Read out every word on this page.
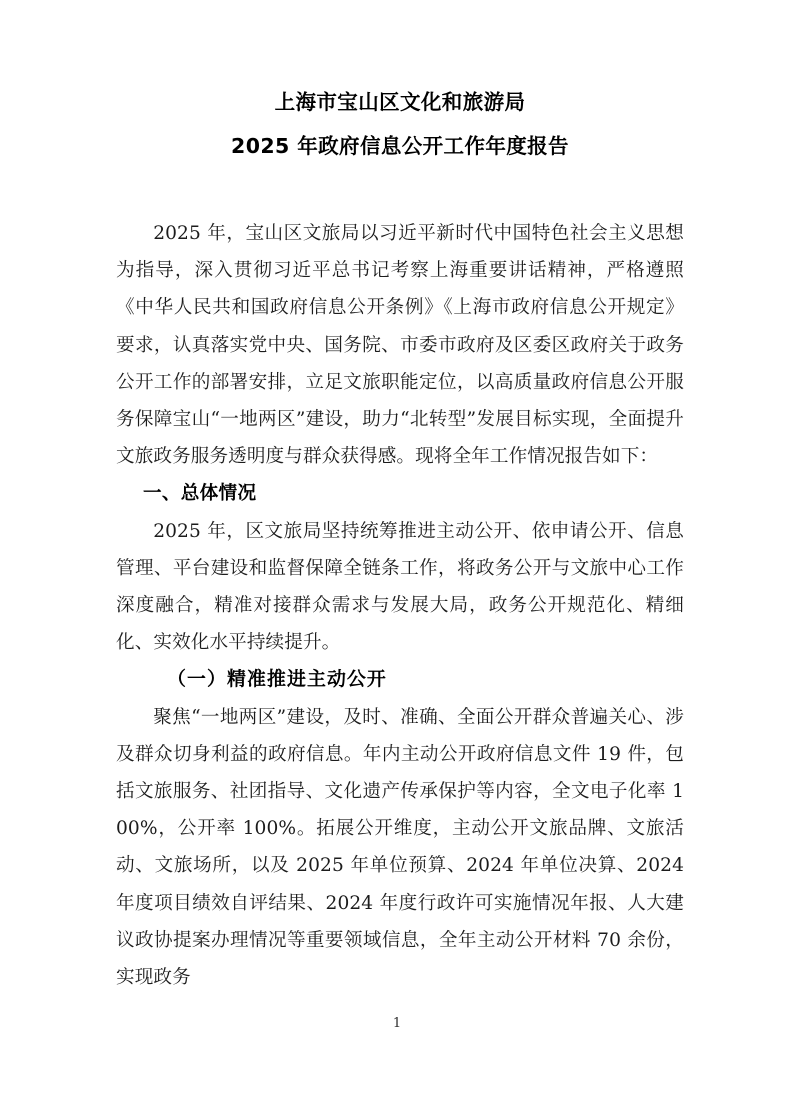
上海市宝山区文化和旅游局
2025 年政府信息公开工作年度报告

2025 年，宝山区文旅局以习近平新时代中国特色社会主义思想为指导，深入贯彻习近平总书记考察上海重要讲话精神，严格遵照《中华人民共和国政府信息公开条例》《上海市政府信息公开规定》要求，认真落实党中央、国务院、市委市政府及区委区政府关于政务公开工作的部署安排，立足文旅职能定位，以高质量政府信息公开服务保障宝山“一地两区”建设，助力“北转型”发展目标实现，全面提升文旅政务服务透明度与群众获得感。现将全年工作情况报告如下：

一、总体情况

2025 年，区文旅局坚持统筹推进主动公开、依申请公开、信息管理、平台建设和监督保障全链条工作，将政务公开与文旅中心工作深度融合，精准对接群众需求与发展大局，政务公开规范化、精细化、实效化水平持续提升。

（一）精准推进主动公开

聚焦“一地两区”建设，及时、准确、全面公开群众普遍关心、涉及群众切身利益的政府信息。年内主动公开政府信息文件 19 件，包括文旅服务、社团指导、文化遗产传承保护等内容，全文电子化率 100%，公开率 100%。拓展公开维度，主动公开文旅品牌、文旅活动、文旅场所，以及 2025 年单位预算、2024 年单位决算、2024 年度项目绩效自评结果、2024 年度行政许可实施情况年报、人大建议政协提案办理情况等重要领域信息，全年主动公开材料 70 余份，实现政务

1
